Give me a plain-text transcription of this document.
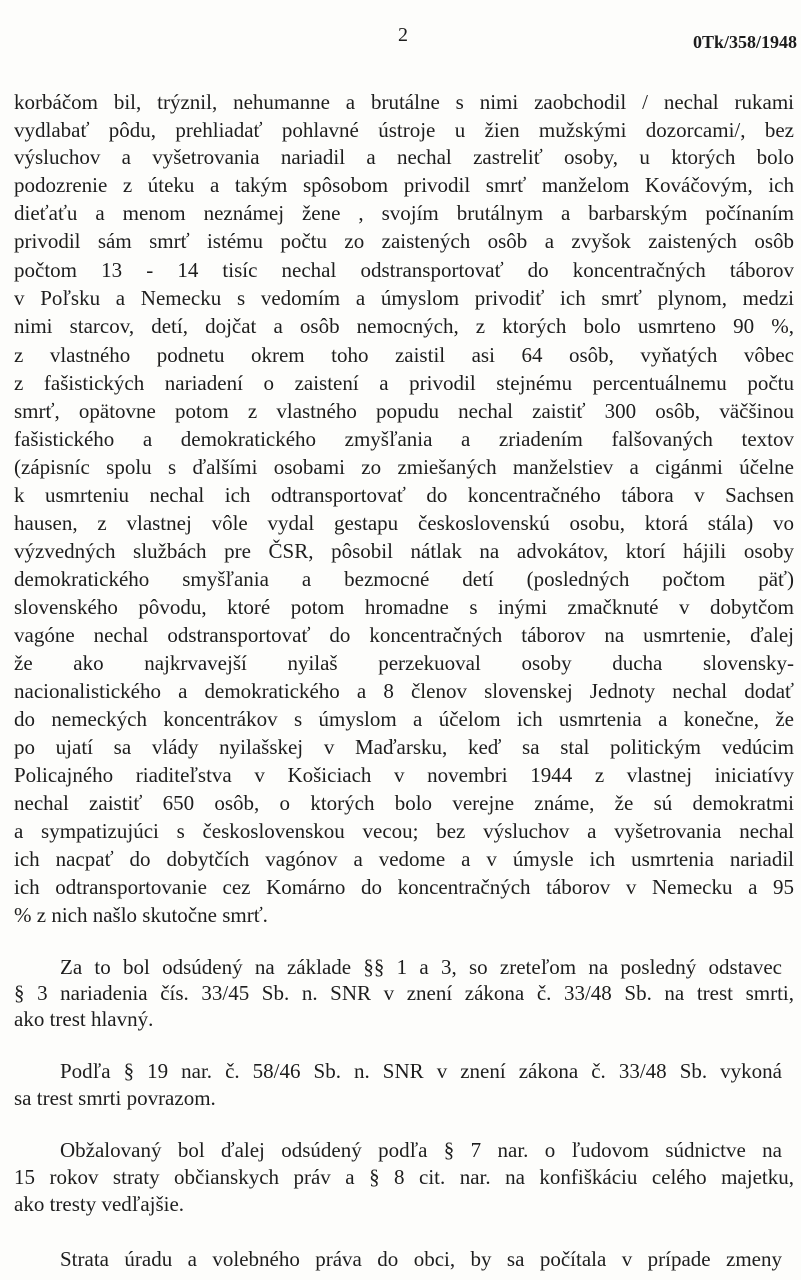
2	0Tk/358/1948
korbáčom bil, trýznil, nehumanne a brutálne s nimi zaobchodil / nechal rukami
vydlabať pôdu, prehliadať pohlavné ústroje u žien mužskými dozorcami/, bez
výsluchov a vyšetrovania nariadil a nechal zastreliť osoby, u ktorých bolo
podozrenie z úteku a takým spôsobom privodil smrť manželom Kováčovým, ich
dieťaťu a menom neznámej žene , svojím brutálnym a barbarským počínaním
privodil sám smrť istému počtu zo zaistených osôb a zvyšok zaistených osôb
počtom 13 - 14 tisíc nechal odstransportovať do koncentračných táborov
v Poľsku a Nemecku s vedomím a úmyslom privodiť ich smrť plynom, medzi
nimi starcov, detí, dojčat a osôb nemocných, z ktorých bolo usmrteno 90 %,
z vlastného podnetu okrem toho zaistil asi 64 osôb, vyňatých vôbec
z fašistických nariadení o zaistení a privodil stejnému percentuálnemu počtu
smrť, opätovne potom z vlastného popudu nechal zaistiť 300 osôb, väčšinou
fašistického a demokratického zmyšľania a zriadením falšovaných textov
(zápisníc spolu s ďalšími osobami zo zmiešaných manželstiev a cigánmi účelne
k usmrteniu nechal ich odtransportovať do koncentračného tábora v Sachsen
hausen, z vlastnej vôle vydal gestapu československú osobu, ktorá stála) vo
výzvedných službách pre ČSR, pôsobil nátlak na advokátov, ktorí hájili osoby
demokratického smyšľania a bezmocné detí (posledných počtom päť)
slovenského pôvodu, ktoré potom hromadne s inými zmačknuté v dobytčom
vagóne nechal odstransportovať do koncentračných táborov na usmrtenie, ďalej
že ako najkrvavejší nyilaš perzekuoval osoby ducha slovensky-
nacionalistického a demokratického a 8 členov slovenskej Jednoty nechal dodať
do nemeckých koncentrákov s úmyslom a účelom ich usmrtenia a konečne, že
po ujatí sa vlády nyilašskej v Maďarsku, keď sa stal politickým vedúcim
Policajného riaditeľstva v Košiciach v novembri 1944 z vlastnej iniciatívy
nechal zaistiť 650 osôb, o ktorých bolo verejne známe, že sú demokratmi
a sympatizujúci s československou vecou; bez výsluchov a vyšetrovania nechal
ich nacpať do dobytčích vagónov a vedome a v úmysle ich usmrtenia nariadil
ich odtransportovanie cez Komárno do koncentračných táborov v Nemecku a 95
% z nich našlo skutočne smrť.
Za to bol odsúdený na základe §§ 1 a 3, so zreteľom na posledný odstavec
§ 3 nariadenia čís. 33/45 Sb. n. SNR v znení zákona č. 33/48 Sb. na trest smrti,
ako trest hlavný.
Podľa § 19 nar. č. 58/46 Sb. n. SNR v znení zákona č. 33/48 Sb. vykoná
sa trest smrti povrazom.
Obžalovaný bol ďalej odsúdený podľa § 7 nar. o ľudovom súdnictve na
15 rokov straty občianskych práv a § 8 cit. nar. na konfiškáciu celého majetku,
ako tresty vedľajšie.
Strata úradu a volebného práva do obci, by sa počítala v prípade zmeny
